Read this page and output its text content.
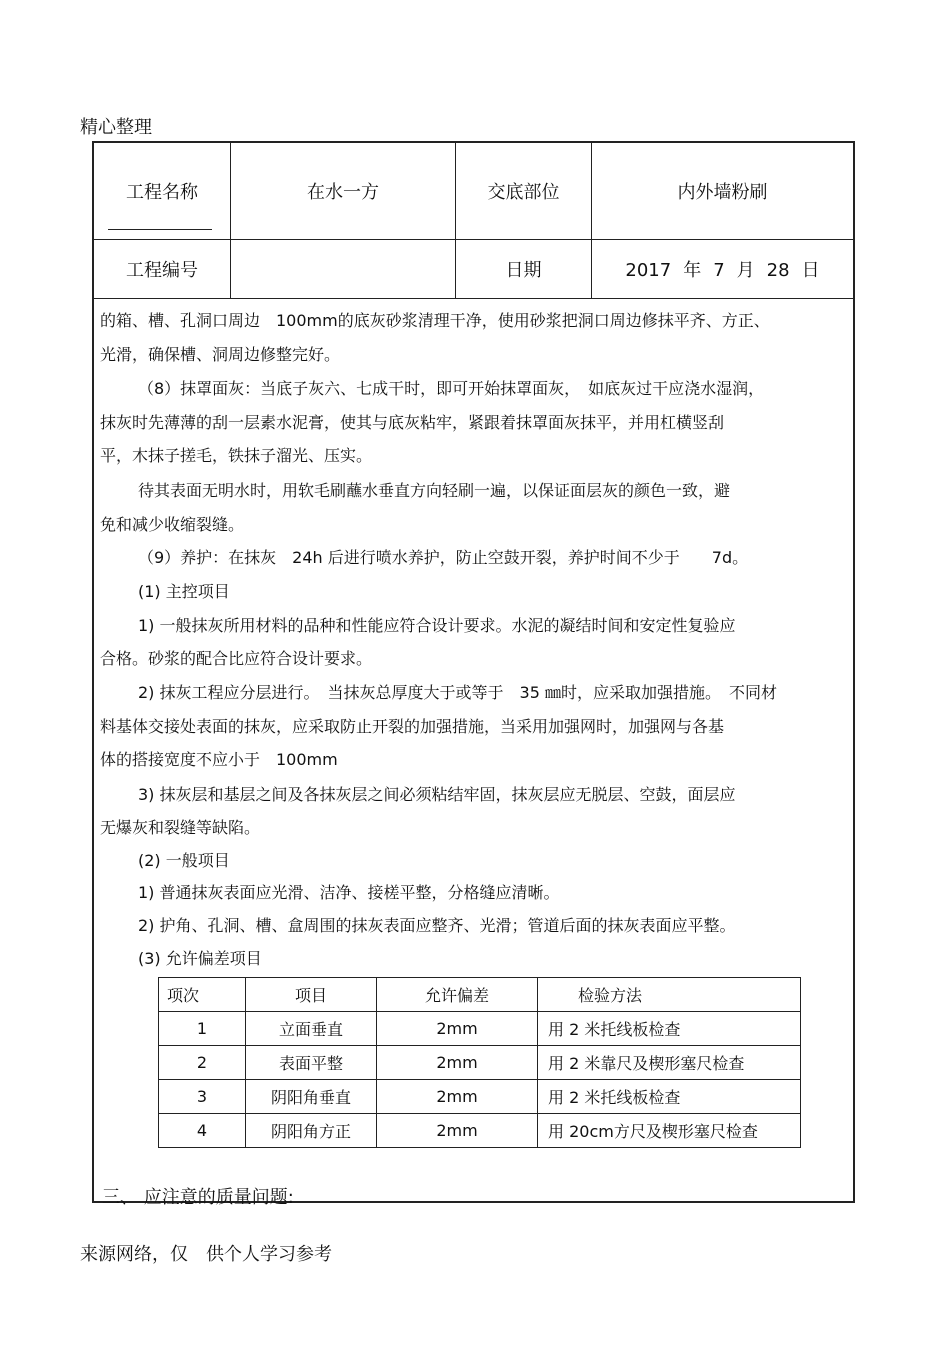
精心整理
工程名称	在水一方	交底部位	内外墙粉刷
工程编号		日期	2017 年 7 月 28 日
的箱、槽、孔洞口周边　100mm的底灰砂浆清理干净，使用砂浆把洞口周边修抹平齐、方正、
光滑，确保槽、洞周边修整完好。
（8）抹罩面灰：当底子灰六、七成干时，即可开始抹罩面灰，　如底灰过干应浇水湿润，
抹灰时先薄薄的刮一层素水泥膏，使其与底灰粘牢，紧跟着抹罩面灰抹平，并用杠横竖刮
平，木抹子搓毛，铁抹子溜光、压实。
待其表面无明水时，用软毛刷蘸水垂直方向轻刷一遍，以保证面层灰的颜色一致，避
免和减少收缩裂缝。
（9）养护：在抹灰　24h 后进行喷水养护，防止空鼓开裂，养护时间不少于　　7d。
(1) 主控项目
1) 一般抹灰所用材料的品种和性能应符合设计要求。水泥的凝结时间和安定性复验应
合格。砂浆的配合比应符合设计要求。
2) 抹灰工程应分层进行。　当抹灰总厚度大于或等于　35 ㎜时，应采取加强措施。　不同材
料基体交接处表面的抹灰，应采取防止开裂的加强措施，当采用加强网时，加强网与各基
体的搭接宽度不应小于　100mm
3) 抹灰层和基层之间及各抹灰层之间必须粘结牢固，抹灰层应无脱层、空鼓，面层应
无爆灰和裂缝等缺陷。
(2) 一般项目
1) 普通抹灰表面应光滑、洁净、接槎平整，分格缝应清晰。
2) 护角、孔洞、槽、盒周围的抹灰表面应整齐、光滑；管道后面的抹灰表面应平整。
(3) 允许偏差项目
项次	项目	允许偏差	检验方法
1	立面垂直	2mm	用 2 米托线板检查
2	表面平整	2mm	用 2 米靠尺及楔形塞尺检查
3	阴阳角垂直	2mm	用 2 米托线板检查
4	阴阳角方正	2mm	用 20cm方尺及楔形塞尺检查
三、 应注意的质量问题:
来源网络，仅　供个人学习参考
